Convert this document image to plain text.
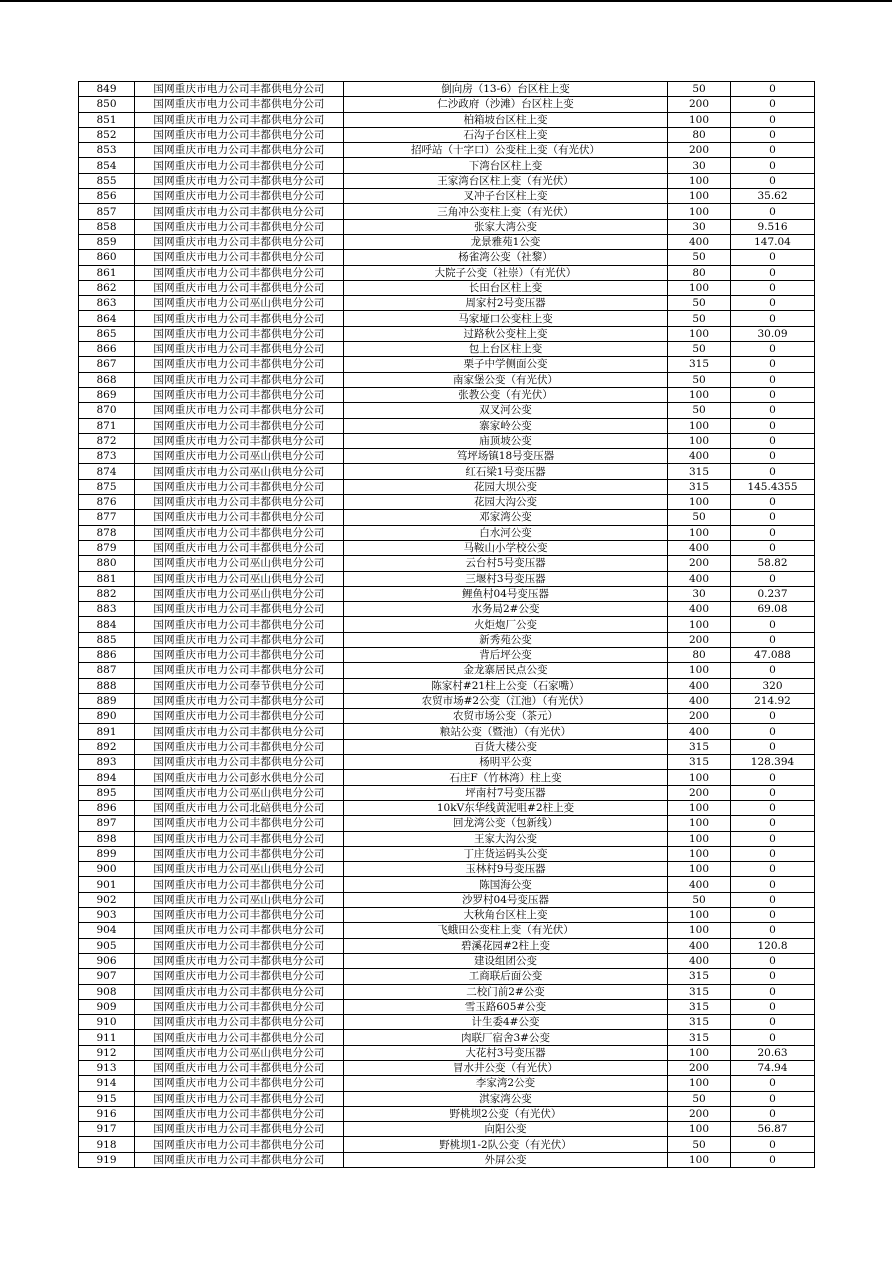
849	国网重庆市电力公司丰都供电分公司	倒向房（13-6）台区柱上变	50	0
850	国网重庆市电力公司丰都供电分公司	仁沙政府（沙滩）台区柱上变	200	0
851	国网重庆市电力公司丰都供电分公司	柏箱坡台区柱上变	100	0
852	国网重庆市电力公司丰都供电分公司	石沟子台区柱上变	80	0
853	国网重庆市电力公司丰都供电分公司	招呼站（十字口）公变柱上变（有光伏）	200	0
854	国网重庆市电力公司丰都供电分公司	下湾台区柱上变	30	0
855	国网重庆市电力公司丰都供电分公司	王家湾台区柱上变（有光伏）	100	0
856	国网重庆市电力公司丰都供电分公司	叉冲子台区柱上变	100	35.62
857	国网重庆市电力公司丰都供电分公司	三角冲公变柱上变（有光伏）	100	0
858	国网重庆市电力公司丰都供电分公司	张家大湾公变	30	9.516
859	国网重庆市电力公司丰都供电分公司	龙景雅苑1公变	400	147.04
860	国网重庆市电力公司丰都供电分公司	杨雀湾公变（社黎）	50	0
861	国网重庆市电力公司丰都供电分公司	大院子公变（社崇）（有光伏）	80	0
862	国网重庆市电力公司丰都供电分公司	长田台区柱上变	100	0
863	国网重庆市电力公司巫山供电分公司	周家村2号变压器	50	0
864	国网重庆市电力公司丰都供电分公司	马家垭口公变柱上变	50	0
865	国网重庆市电力公司丰都供电分公司	过路秋公变柱上变	100	30.09
866	国网重庆市电力公司丰都供电分公司	包上台区柱上变	50	0
867	国网重庆市电力公司丰都供电分公司	栗子中学侧面公变	315	0
868	国网重庆市电力公司丰都供电分公司	南家堡公变（有光伏）	50	0
869	国网重庆市电力公司丰都供电分公司	张教公变（有光伏）	100	0
870	国网重庆市电力公司丰都供电分公司	双叉河公变	50	0
871	国网重庆市电力公司丰都供电分公司	寨家岭公变	100	0
872	国网重庆市电力公司丰都供电分公司	庙顶坡公变	100	0
873	国网重庆市电力公司巫山供电分公司	笃坪场镇18号变压器	400	0
874	国网重庆市电力公司巫山供电分公司	红石梁1号变压器	315	0
875	国网重庆市电力公司丰都供电分公司	花园大坝公变	315	145.4355
876	国网重庆市电力公司丰都供电分公司	花园大沟公变	100	0
877	国网重庆市电力公司丰都供电分公司	邓家湾公变	50	0
878	国网重庆市电力公司丰都供电分公司	白水河公变	100	0
879	国网重庆市电力公司丰都供电分公司	马鞍山小学校公变	400	0
880	国网重庆市电力公司巫山供电分公司	云台村5号变压器	200	58.82
881	国网重庆市电力公司巫山供电分公司	三堰村3号变压器	400	0
882	国网重庆市电力公司巫山供电分公司	鲤鱼村04号变压器	30	0.237
883	国网重庆市电力公司丰都供电分公司	水务局2#公变	400	69.08
884	国网重庆市电力公司丰都供电分公司	火炬炮厂公变	100	0
885	国网重庆市电力公司丰都供电分公司	新秀苑公变	200	0
886	国网重庆市电力公司丰都供电分公司	背后坪公变	80	47.088
887	国网重庆市电力公司丰都供电分公司	金龙寨居民点公变	100	0
888	国网重庆市电力公司奉节供电分公司	陈家村#21柱上公变（石家嘴）	400	320
889	国网重庆市电力公司丰都供电分公司	农贸市场#2公变（江池）（有光伏）	400	214.92
890	国网重庆市电力公司丰都供电分公司	农贸市场公变（茶元）	200	0
891	国网重庆市电力公司丰都供电分公司	粮站公变（暨池）（有光伏）	400	0
892	国网重庆市电力公司丰都供电分公司	百货大楼公变	315	0
893	国网重庆市电力公司丰都供电分公司	杨明平公变	315	128.394
894	国网重庆市电力公司彭水供电分公司	石庄F（竹林湾）柱上变	100	0
895	国网重庆市电力公司巫山供电分公司	坪南村7号变压器	200	0
896	国网重庆市电力公司北碚供电分公司	10kV东华线黄泥咀#2柱上变	100	0
897	国网重庆市电力公司丰都供电分公司	回龙湾公变（包新线）	100	0
898	国网重庆市电力公司丰都供电分公司	王家大沟公变	100	0
899	国网重庆市电力公司丰都供电分公司	丁庄货运码头公变	100	0
900	国网重庆市电力公司巫山供电分公司	玉林村9号变压器	100	0
901	国网重庆市电力公司丰都供电分公司	陈国海公变	400	0
902	国网重庆市电力公司巫山供电分公司	沙罗村04号变压器	50	0
903	国网重庆市电力公司丰都供电分公司	大秋角台区柱上变	100	0
904	国网重庆市电力公司丰都供电分公司	飞蛾田公变柱上变（有光伏）	100	0
905	国网重庆市电力公司丰都供电分公司	碧溪花园#2柱上变	400	120.8
906	国网重庆市电力公司丰都供电分公司	建设组团公变	400	0
907	国网重庆市电力公司丰都供电分公司	工商联后面公变	315	0
908	国网重庆市电力公司丰都供电分公司	二校门前2#公变	315	0
909	国网重庆市电力公司丰都供电分公司	雪玉路605#公变	315	0
910	国网重庆市电力公司丰都供电分公司	计生委4#公变	315	0
911	国网重庆市电力公司丰都供电分公司	肉联厂宿舍3#公变	315	0
912	国网重庆市电力公司巫山供电分公司	大花村3号变压器	100	20.63
913	国网重庆市电力公司丰都供电分公司	冒水井公变（有光伏）	200	74.94
914	国网重庆市电力公司丰都供电分公司	李家湾2公变	100	0
915	国网重庆市电力公司丰都供电分公司	淇家湾公变	50	0
916	国网重庆市电力公司丰都供电分公司	野桃坝2公变（有光伏）	200	0
917	国网重庆市电力公司丰都供电分公司	向阳公变	100	56.87
918	国网重庆市电力公司丰都供电分公司	野桃坝1-2队公变（有光伏）	50	0
919	国网重庆市电力公司丰都供电分公司	外屏公变	100	0
